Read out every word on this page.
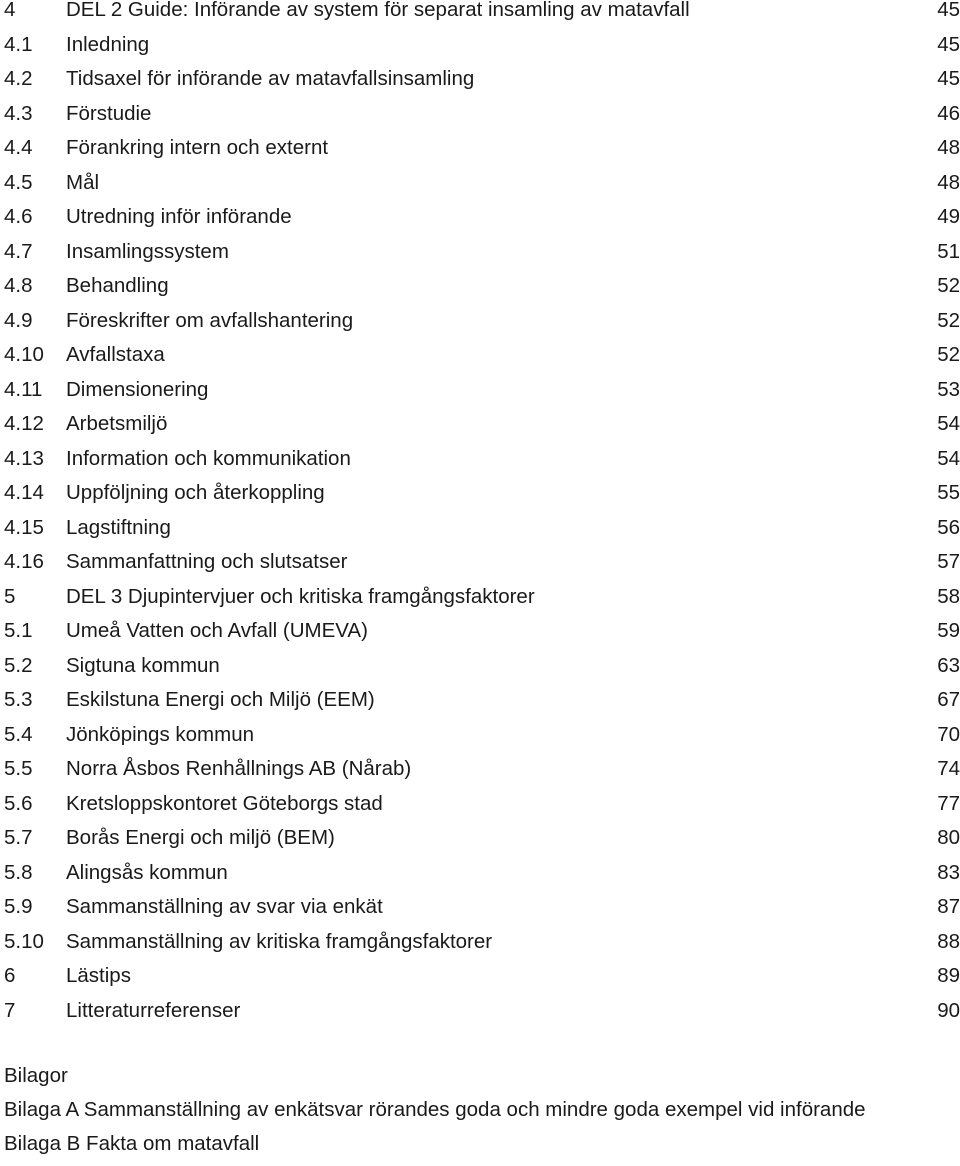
4 DEL 2 Guide: Införande av system för separat insamling av matavfall	45
4.1 Inledning	45
4.2 Tidsaxel för införande av matavfallsinsamling	45
4.3 Förstudie	46
4.4 Förankring intern och externt	48
4.5 Mål	48
4.6 Utredning inför införande	49
4.7 Insamlingssystem	51
4.8 Behandling	52
4.9 Föreskrifter om avfallshantering	52
4.10 Avfallstaxa	52
4.11 Dimensionering	53
4.12 Arbetsmiljö	54
4.13 Information och kommunikation	54
4.14 Uppföljning och återkoppling	55
4.15 Lagstiftning	56
4.16 Sammanfattning och slutsatser	57
5 DEL 3 Djupintervjuer och kritiska framgångsfaktorer	58
5.1 Umeå Vatten och Avfall (UMEVA)	59
5.2 Sigtuna kommun	63
5.3 Eskilstuna Energi och Miljö (EEM)	67
5.4 Jönköpings kommun	70
5.5 Norra Åsbos Renhållnings AB (Nårab)	74
5.6 Kretsloppskontoret Göteborgs stad	77
5.7 Borås Energi och miljö (BEM)	80
5.8 Alingsås kommun	83
5.9 Sammanställning av svar via enkät	87
5.10 Sammanställning av kritiska framgångsfaktorer	88
6 Lästips	89
7 Litteraturreferenser	90
Bilagor
Bilaga A Sammanställning av enkätsvar rörandes goda och mindre goda exempel vid införande
Bilaga B Fakta om matavfall
